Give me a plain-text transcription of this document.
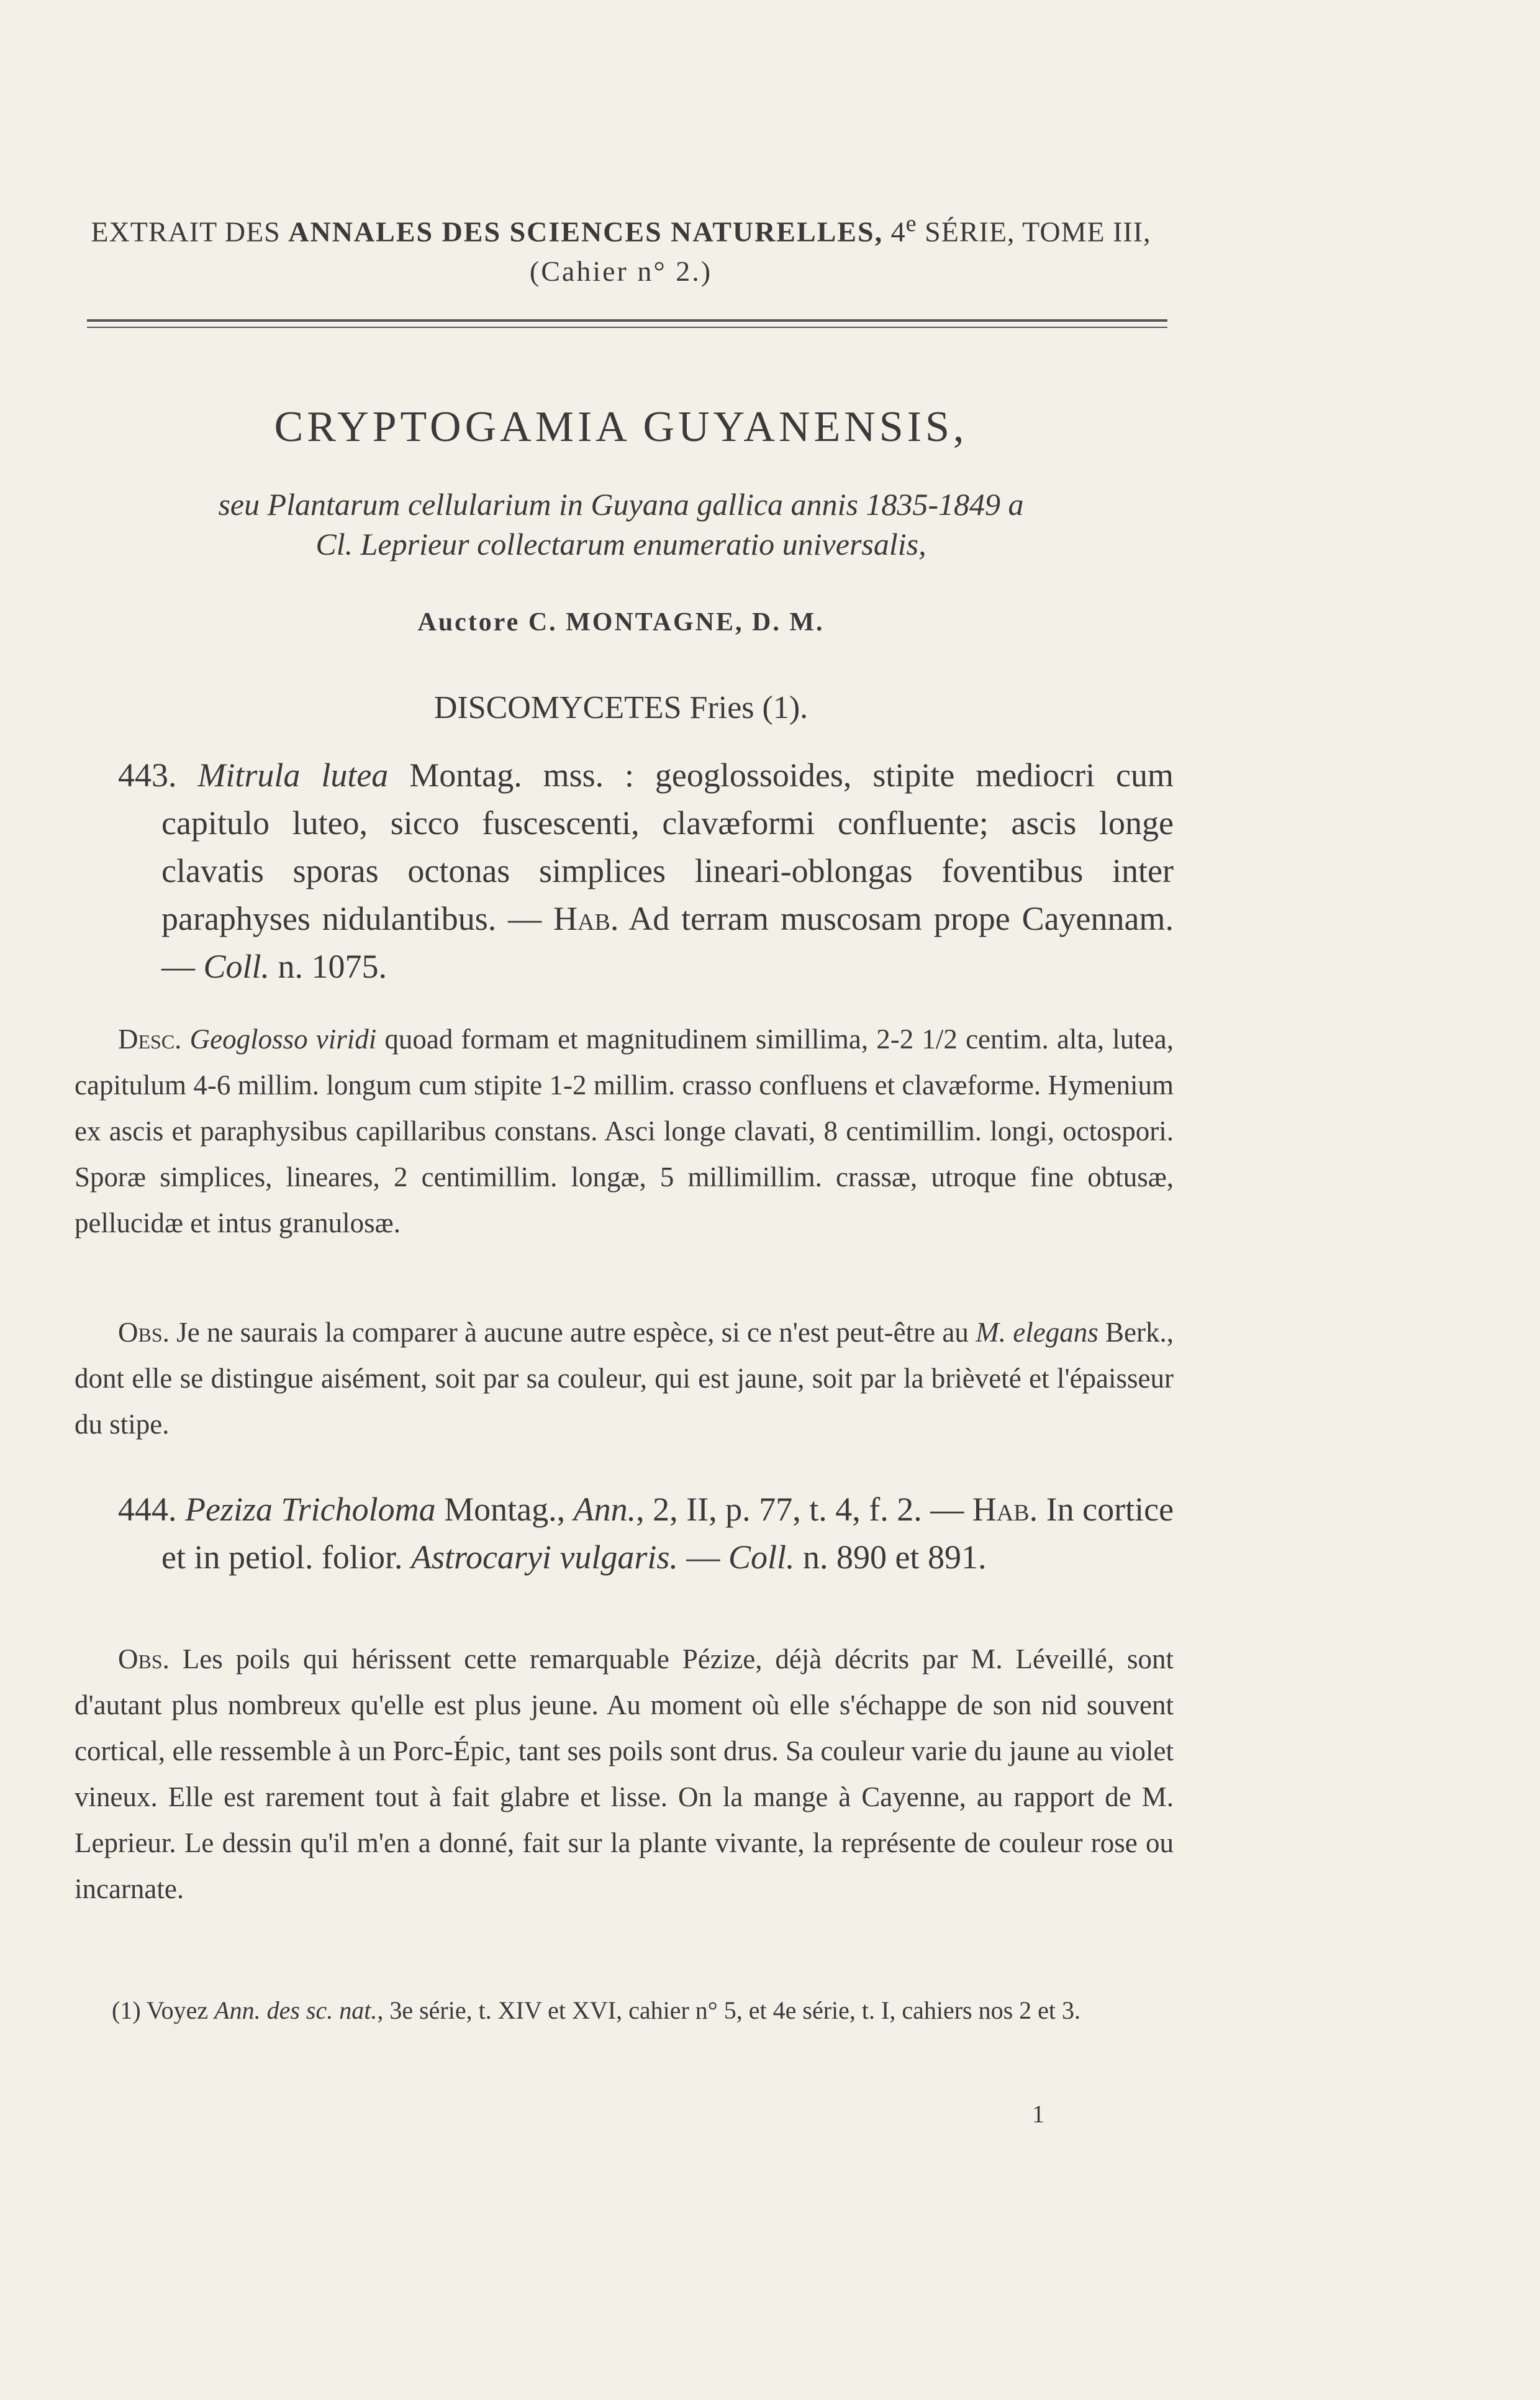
EXTRAIT DES ANNALES DES SCIENCES NATURELLES, 4e SÉRIE, TOME III,
(Cahier n° 2.)
CRYPTOGAMIA GUYANENSIS,
seu Plantarum cellularium in Guyana gallica annis 1835-1849 a
Cl. Leprieur collectarum enumeratio universalis,
Auctore C. MONTAGNE, D. M.
DISCOMYCETES Fries (1).
443. Mitrula lutea Montag. mss. : geoglossoides, stipite mediocri cum capitulo luteo, sicco fuscescenti, clavæformi confluente; ascis longe clavatis sporas octonas simplices lineari-oblongas foventibus inter paraphyses nidulantibus. — Hab. Ad terram muscosam prope Cayennam. — Coll. n. 1075.
Desc. Geoglosso viridi quoad formam et magnitudinem simillima, 2-2 1/2 centim. alta, lutea, capitulum 4-6 millim. longum cum stipite 1-2 millim. crasso confluens et clavæforme. Hymenium ex ascis et paraphysibus capillaribus constans. Asci longe clavati, 8 centimillim. longi, octospori. Sporæ simplices, lineares, 2 centimillim. longæ, 5 millimillim. crassæ, utroque fine obtusæ, pellucidæ et intus granulosæ.
Obs. Je ne saurais la comparer à aucune autre espèce, si ce n'est peut-être au M. elegans Berk., dont elle se distingue aisément, soit par sa couleur, qui est jaune, soit par la brièveté et l'épaisseur du stipe.
444. Peziza Tricholoma Montag., Ann., 2, II, p. 77, t. 4, f. 2. — Hab. In cortice et in petiol. folior. Astrocaryi vulgaris. — Coll. n. 890 et 891.
Obs. Les poils qui hérissent cette remarquable Pézize, déjà décrits par M. Léveillé, sont d'autant plus nombreux qu'elle est plus jeune. Au moment où elle s'échappe de son nid souvent cortical, elle ressemble à un Porc-Épic, tant ses poils sont drus. Sa couleur varie du jaune au violet vineux. Elle est rarement tout à fait glabre et lisse. On la mange à Cayenne, au rapport de M. Leprieur. Le dessin qu'il m'en a donné, fait sur la plante vivante, la représente de couleur rose ou incarnate.
(1) Voyez Ann. des sc. nat., 3e série, t. XIV et XVI, cahier n° 5, et 4e série, t. I, cahiers nos 2 et 3.
1
